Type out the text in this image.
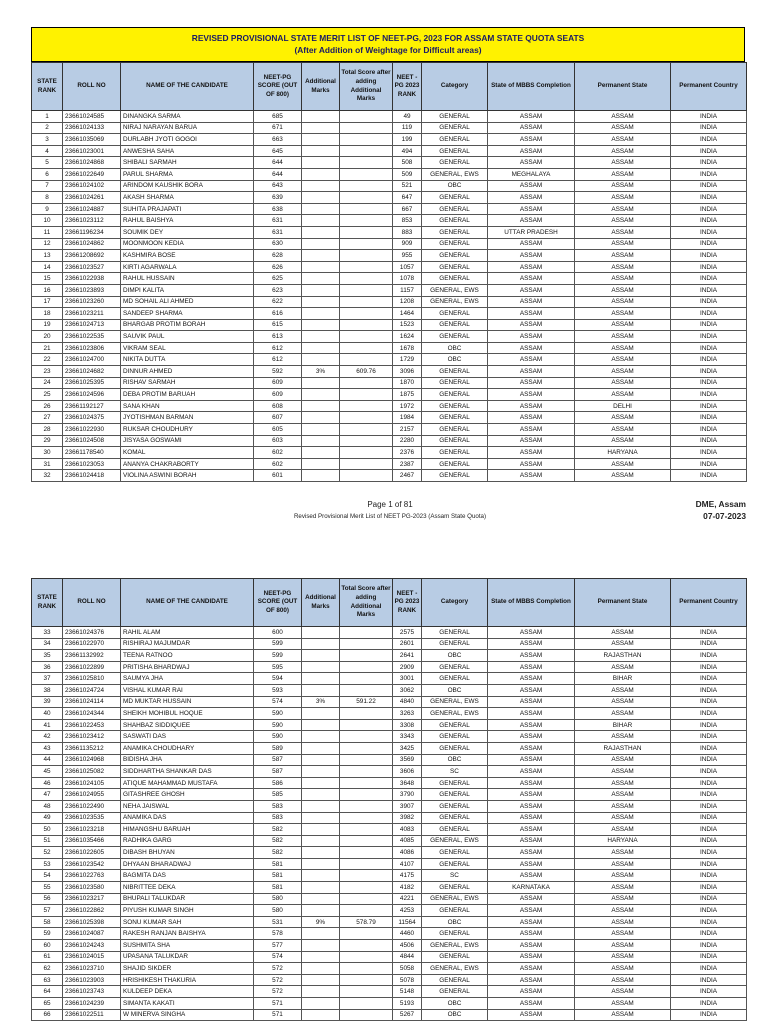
REVISED PROVISIONAL STATE MERIT LIST OF NEET-PG, 2023 FOR ASSAM STATE QUOTA SEATS
(After Addition of Weightage for Difficult areas)
STATE RANK	ROLL NO	NAME OF THE CANDIDATE	NEET-PG SCORE (OUT OF 800)	Additional Marks	Total Score after adding Additional Marks	NEET - PG 2023 RANK	Category	State of MBBS Completion	Permanent State	Permanent Country
1	23661024585	DINANGKA SARMA	685			49	GENERAL	ASSAM	ASSAM	INDIA
2	23661024133	NIRAJ NARAYAN BARUA	671			119	GENERAL	ASSAM	ASSAM	INDIA
3	23661035069	DURLABH JYOTI GOGOI	663			199	GENERAL	ASSAM	ASSAM	INDIA
4	23661023001	ANWESHA SAHA	645			494	GENERAL	ASSAM	ASSAM	INDIA
5	23661024868	SHIBALI SARMAH	644			508	GENERAL	ASSAM	ASSAM	INDIA
6	23661022649	PARUL SHARMA	644			509	GENERAL, EWS	MEGHALAYA	ASSAM	INDIA
7	23661024102	ARINDOM KAUSHIK BORA	643			521	OBC	ASSAM	ASSAM	INDIA
8	23661024261	AKASH SHARMA	639			647	GENERAL	ASSAM	ASSAM	INDIA
9	23661024887	SUHITA PRAJAPATI	638			667	GENERAL	ASSAM	ASSAM	INDIA
10	23661023112	RAHUL BAISHYA	631			853	GENERAL	ASSAM	ASSAM	INDIA
11	23661196234	SOUMIK DEY	631			883	GENERAL	UTTAR PRADESH	ASSAM	INDIA
12	23661024862	MOONMOON KEDIA	630			909	GENERAL	ASSAM	ASSAM	INDIA
13	23661208692	KASHMIRA BOSE	628			955	GENERAL	ASSAM	ASSAM	INDIA
14	23661023527	KIRTI AGARWALA	626			1057	GENERAL	ASSAM	ASSAM	INDIA
15	23661022938	RAHUL HUSSAIN	625			1078	GENERAL	ASSAM	ASSAM	INDIA
16	23661023893	DIMPI KALITA	623			1157	GENERAL, EWS	ASSAM	ASSAM	INDIA
17	23661023260	MD SOHAIL ALI AHMED	622			1208	GENERAL, EWS	ASSAM	ASSAM	INDIA
18	23661023211	SANDEEP SHARMA	616			1464	GENERAL	ASSAM	ASSAM	INDIA
19	23661024713	BHARGAB PROTIM BORAH	615			1523	GENERAL	ASSAM	ASSAM	INDIA
20	23661022535	SAUVIK PAUL	613			1624	GENERAL	ASSAM	ASSAM	INDIA
21	23661023806	VIKRAM SEAL	612			1678	OBC	ASSAM	ASSAM	INDIA
22	23661024700	NIKITA DUTTA	612			1729	OBC	ASSAM	ASSAM	INDIA
23	23661024682	DINNUR AHMED	592	3%	609.76	3096	GENERAL	ASSAM	ASSAM	INDIA
24	23661025395	RISHAV SARMAH	609			1870	GENERAL	ASSAM	ASSAM	INDIA
25	23661024596	DEBA PROTIM BARUAH	609			1875	GENERAL	ASSAM	ASSAM	INDIA
26	23661192127	SANA KHAN	608			1972	GENERAL	ASSAM	DELHI	INDIA
27	23661024375	JYOTISHMAN BARMAN	607			1984	GENERAL	ASSAM	ASSAM	INDIA
28	23661022930	RUKSAR CHOUDHURY	605			2157	GENERAL	ASSAM	ASSAM	INDIA
29	23661024508	JISYASA GOSWAMI	603			2280	GENERAL	ASSAM	ASSAM	INDIA
30	23661178540	KOMAL	602			2376	GENERAL	ASSAM	HARYANA	INDIA
31	23661023053	ANANYA CHAKRABORTY	602			2387	GENERAL	ASSAM	ASSAM	INDIA
32	23661024418	VIOLINA ASWINI BORAH	601			2467	GENERAL	ASSAM	ASSAM	INDIA
Page 1 of 81
Revised Provisional Merit List of NEET PG-2023 (Assam State Quota)
DME, Assam
07-07-2023
STATE RANK	ROLL NO	NAME OF THE CANDIDATE	NEET-PG SCORE (OUT OF 800)	Additional Marks	Total Score after adding Additional Marks	NEET - PG 2023 RANK	Category	State of MBBS Completion	Permanent State	Permanent Country
33	23661024376	RAHIL ALAM	600			2575	GENERAL	ASSAM	ASSAM	INDIA
34	23661022970	RISHIRAJ MAJUMDAR	599			2601	GENERAL	ASSAM	ASSAM	INDIA
35	23661132992	TEENA RATNOO	599			2641	OBC	ASSAM	RAJASTHAN	INDIA
36	23661022899	PRITISHA BHARDWAJ	595			2909	GENERAL	ASSAM	ASSAM	INDIA
37	23661025810	SAUMYA JHA	594			3001	GENERAL	ASSAM	BIHAR	INDIA
38	23661024724	VISHAL KUMAR RAI	593			3062	OBC	ASSAM	ASSAM	INDIA
39	23661024114	MD MUKTAR HUSSAIN	574	3%	591.22	4840	GENERAL, EWS	ASSAM	ASSAM	INDIA
40	23661024344	SHEIKH MOHIBUL HOQUE	590			3263	GENERAL, EWS	ASSAM	ASSAM	INDIA
41	23661022453	SHAHBAZ SIDDIQUEE	590			3308	GENERAL	ASSAM	BIHAR	INDIA
42	23661023412	SASWATI DAS	590			3343	GENERAL	ASSAM	ASSAM	INDIA
43	23661135212	ANAMIKA CHOUDHARY	589			3425	GENERAL	ASSAM	RAJASTHAN	INDIA
44	23661024968	BIDISHA JHA	587			3569	OBC	ASSAM	ASSAM	INDIA
45	23661025082	SIDDHARTHA SHANKAR DAS	587			3606	SC	ASSAM	ASSAM	INDIA
46	23661024105	ATIQUE MAHAMMAD MUSTAFA	586			3648	GENERAL	ASSAM	ASSAM	INDIA
47	23661024955	GITASHREE GHOSH	585			3790	GENERAL	ASSAM	ASSAM	INDIA
48	23661022490	NEHA JAISWAL	583			3907	GENERAL	ASSAM	ASSAM	INDIA
49	23661023535	ANAMIKA DAS	583			3982	GENERAL	ASSAM	ASSAM	INDIA
50	23661023218	HIMANGSHU BARUAH	582			4083	GENERAL	ASSAM	ASSAM	INDIA
51	23661035466	RADHIKA GARG	582			4085	GENERAL, EWS	ASSAM	HARYANA	INDIA
52	23661022605	DIBASH BHUYAN	582			4086	GENERAL	ASSAM	ASSAM	INDIA
53	23661023542	DHYAAN BHARADWAJ	581			4107	GENERAL	ASSAM	ASSAM	INDIA
54	23661022763	BAGMITA DAS	581			4175	SC	ASSAM	ASSAM	INDIA
55	23661023580	NIBRITTEE DEKA	581			4182	GENERAL	KARNATAKA	ASSAM	INDIA
56	23661023217	BHUPALI TALUKDAR	580			4221	GENERAL, EWS	ASSAM	ASSAM	INDIA
57	23661022862	PIYUSH KUMAR SINGH	580			4253	GENERAL	ASSAM	ASSAM	INDIA
58	23661025398	SONU KUMAR SAH	531	9%	578.79	11564	OBC	ASSAM	ASSAM	INDIA
59	23661024087	RAKESH RANJAN BAISHYA	578			4460	GENERAL	ASSAM	ASSAM	INDIA
60	23661024243	SUSHMITA SHA	577			4506	GENERAL, EWS	ASSAM	ASSAM	INDIA
61	23661024015	UPASANA TALUKDAR	574			4844	GENERAL	ASSAM	ASSAM	INDIA
62	23661023710	SHAJID SIKDER	572			5058	GENERAL, EWS	ASSAM	ASSAM	INDIA
63	23661023903	HRISHIKESH THAKURIA	572			5078	GENERAL	ASSAM	ASSAM	INDIA
64	23661023743	KULDEEP DEKA	572			5148	GENERAL	ASSAM	ASSAM	INDIA
65	23661024239	SIMANTA KAKATI	571			5193	OBC	ASSAM	ASSAM	INDIA
66	23661022511	W MINERVA SINGHA	571			5267	OBC	ASSAM	ASSAM	INDIA
